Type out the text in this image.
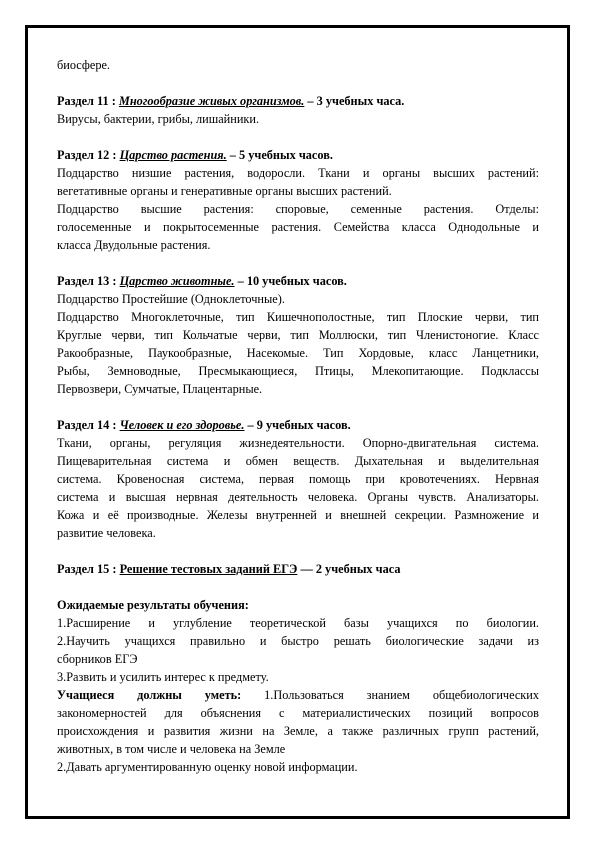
биосфере.
Раздел 11 : Многообразие живых организмов. – 3 учебных часа.
Вирусы, бактерии, грибы, лишайники.
Раздел 12 : Царство растения. – 5 учебных часов.
Подцарство низшие растения, водоросли. Ткани и органы высших растений:
вегетативные органы и генеративные органы высших растений.
Подцарство высшие растения: споровые, семенные растения. Отделы:
голосеменные и покрытосеменные растения. Семейства класса Однодольные и
класса Двудольные растения.
Раздел 13 : Царство животные. – 10 учебных часов.
Подцарство Простейшие (Одноклеточные).
Подцарство Многоклеточные, тип Кишечнополостные, тип Плоские черви, тип
Круглые черви, тип Кольчатые черви, тип Моллюски, тип Членистоногие. Класс
Ракообразные, Паукообразные, Насекомые. Тип Хордовые, класс Ланцетники,
Рыбы, Земноводные, Пресмыкающиеся, Птицы, Млекопитающие. Подклассы
Первозвери, Сумчатые, Плацентарные.
Раздел 14 : Человек и его здоровье. – 9 учебных часов.
Ткани, органы, регуляция жизнедеятельности. Опорно-двигательная система.
Пищеварительная система и обмен веществ. Дыхательная и выделительная
система. Кровеносная система, первая помощь при кровотечениях. Нервная
система и высшая нервная деятельность человека. Органы чувств. Анализаторы.
Кожа и её производные. Железы внутренней и внешней секреции. Размножение и
развитие человека.
Раздел 15 : Решение тестовых заданий ЕГЭ — 2 учебных часа
Ожидаемые результаты обучения:
1.Расширение и углубление теоретической базы учащихся по биологии.
2.Научить учащихся правильно и быстро решать биологические задачи из
сборников ЕГЭ
3.Развить и усилить интерес к предмету.
Учащиеся должны уметь: 1.Пользоваться знанием общебиологических
закономерностей для объяснения с материалистических позиций вопросов
происхождения и развития жизни на Земле, а также различных групп растений,
животных, в том числе и человека на Земле
2.Давать аргументированную оценку новой информации.
